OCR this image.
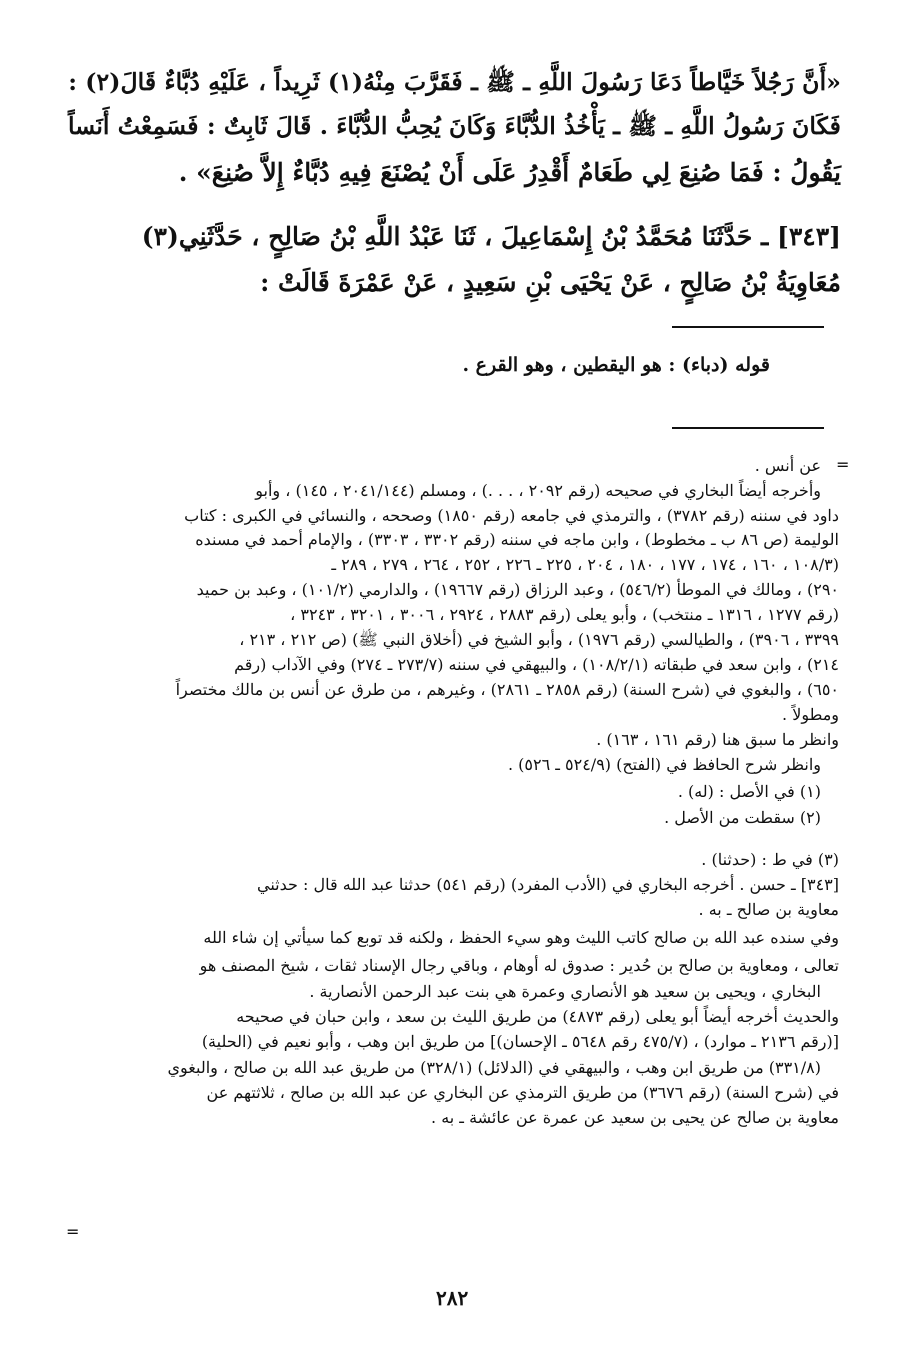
«أَنَّ رَجُلاً خَيَّاطاً دَعَا رَسُولَ اللَّهِ ـ ﷺ ـ فَقَرَّبَ مِنْهُ(١) ثَرِيداً ، عَلَيْهِ دُبَّاءٌ قَالَ(٢) :
فَكَانَ رَسُولُ اللَّهِ ـ ﷺ ـ يَأْخُذُ الدُّبَّاءَ وَكَانَ يُحِبُّ الدُّبَّاءَ . قَالَ ثَابِتٌ : فَسَمِعْتُ أَنَساً
يَقُولُ : فَمَا صُنِعَ لِي طَعَامٌ أَقْدِرُ عَلَى أَنْ يُصْنَعَ فِيهِ دُبَّاءٌ إِلاَّ صُنِعَ» .
[٣٤٣] ـ حَدَّثَنَا مُحَمَّدُ بْنُ إِسْمَاعِيلَ ، ثَنَا عَبْدُ اللَّهِ بْنُ صَالِحٍ ، حَدَّثَنِي(٣)
مُعَاوِيَةُ بْنُ صَالِحٍ ، عَنْ يَحْيَى بْنِ سَعِيدٍ ، عَنْ عَمْرَةَ قَالَتْ :
قوله (دباء) : هو اليقطين ، وهو القرع .
=
عن أنس .
وأخرجه أيضاً البخاري في صحيحه (رقم ٢٠٩٢ ، . . .) ، ومسلم (٢٠٤١/١٤٤ ، ١٤٥) ، وأبو
داود في سننه (رقم ٣٧٨٢) ، والترمذي في جامعه (رقم ١٨٥٠) وصححه ، والنسائي في الكبرى : كتاب
الوليمة (ص ٨٦ ب ـ مخطوط) ، وابن ماجه في سننه (رقم ٣٣٠٢ ، ٣٣٠٣) ، والإمام أحمد في مسنده
(١٠٨/٣ ، ١٦٠ ، ١٧٤ ، ١٧٧ ، ١٨٠ ، ٢٠٤ ، ٢٢٥ ـ ٢٢٦ ، ٢٥٢ ، ٢٦٤ ، ٢٧٩ ، ٢٨٩ ـ
٢٩٠) ، ومالك في الموطأ (٥٤٦/٢) ، وعبد الرزاق (رقم ١٩٦٦٧) ، والدارمي (١٠١/٢) ، وعبد بن حميد
(رقم ١٢٧٧ ، ١٣١٦ ـ منتخب) ، وأبو يعلى (رقم ٢٨٨٣ ، ٢٩٢٤ ، ٣٠٠٦ ، ٣٢٠١ ، ٣٢٤٣ ،
٣٣٩٩ ، ٣٩٠٦) ، والطيالسي (رقم ١٩٧٦) ، وأبو الشيخ في (أخلاق النبي ﷺ) (ص ٢١٢ ، ٢١٣ ،
٢١٤) ، وابن سعد في طبقاته (١٠٨/٢/١) ، والبيهقي في سننه (٢٧٣/٧ ـ ٢٧٤) وفي الآداب (رقم
٦٥٠) ، والبغوي في (شرح السنة) (رقم ٢٨٥٨ ـ ٢٨٦١) ، وغيرهم ، من طرق عن أنس بن مالك مختصراً
ومطولاً .
وانظر ما سبق هنا (رقم ١٦١ ، ١٦٣) .
وانظر شرح الحافظ في (الفتح) (٥٢٤/٩ ـ ٥٢٦) .
(١) في الأصل : (له) .
(٢) سقطت من الأصل .
(٣) في ط : (حدثنا) .
[٣٤٣] ـ حسن . أخرجه البخاري في (الأدب المفرد) (رقم ٥٤١) حدثنا عبد الله قال : حدثني
معاوية بن صالح ـ به .
وفي سنده عبد الله بن صالح كاتب الليث وهو سيء الحفظ ، ولكنه قد توبع كما سيأتي إن شاء الله
تعالى ، ومعاوية بن صالح بن حُدير : صدوق له أوهام ، وباقي رجال الإسناد ثقات ، شيخ المصنف هو
البخاري ، ويحيى بن سعيد هو الأنصاري وعمرة هي بنت عبد الرحمن الأنصارية .
والحديث أخرجه أيضاً أبو يعلى (رقم ٤٨٧٣) من طريق الليث بن سعد ، وابن حبان في صحيحه
[(رقم ٢١٣٦ ـ موارد) ، (٤٧٥/٧ رقم ٥٦٤٨ ـ الإحسان)] من طريق ابن وهب ، وأبو نعيم في (الحلية)
(٣٣١/٨) من طريق ابن وهب ، والبيهقي في (الدلائل) (٣٢٨/١) من طريق عبد الله بن صالح ، والبغوي
في (شرح السنة) (رقم ٣٦٧٦) من طريق الترمذي عن البخاري عن عبد الله بن صالح ، ثلاثتهم عن
معاوية بن صالح عن يحيى بن سعيد عن عمرة عن عائشة ـ به .
=
٢٨٢
